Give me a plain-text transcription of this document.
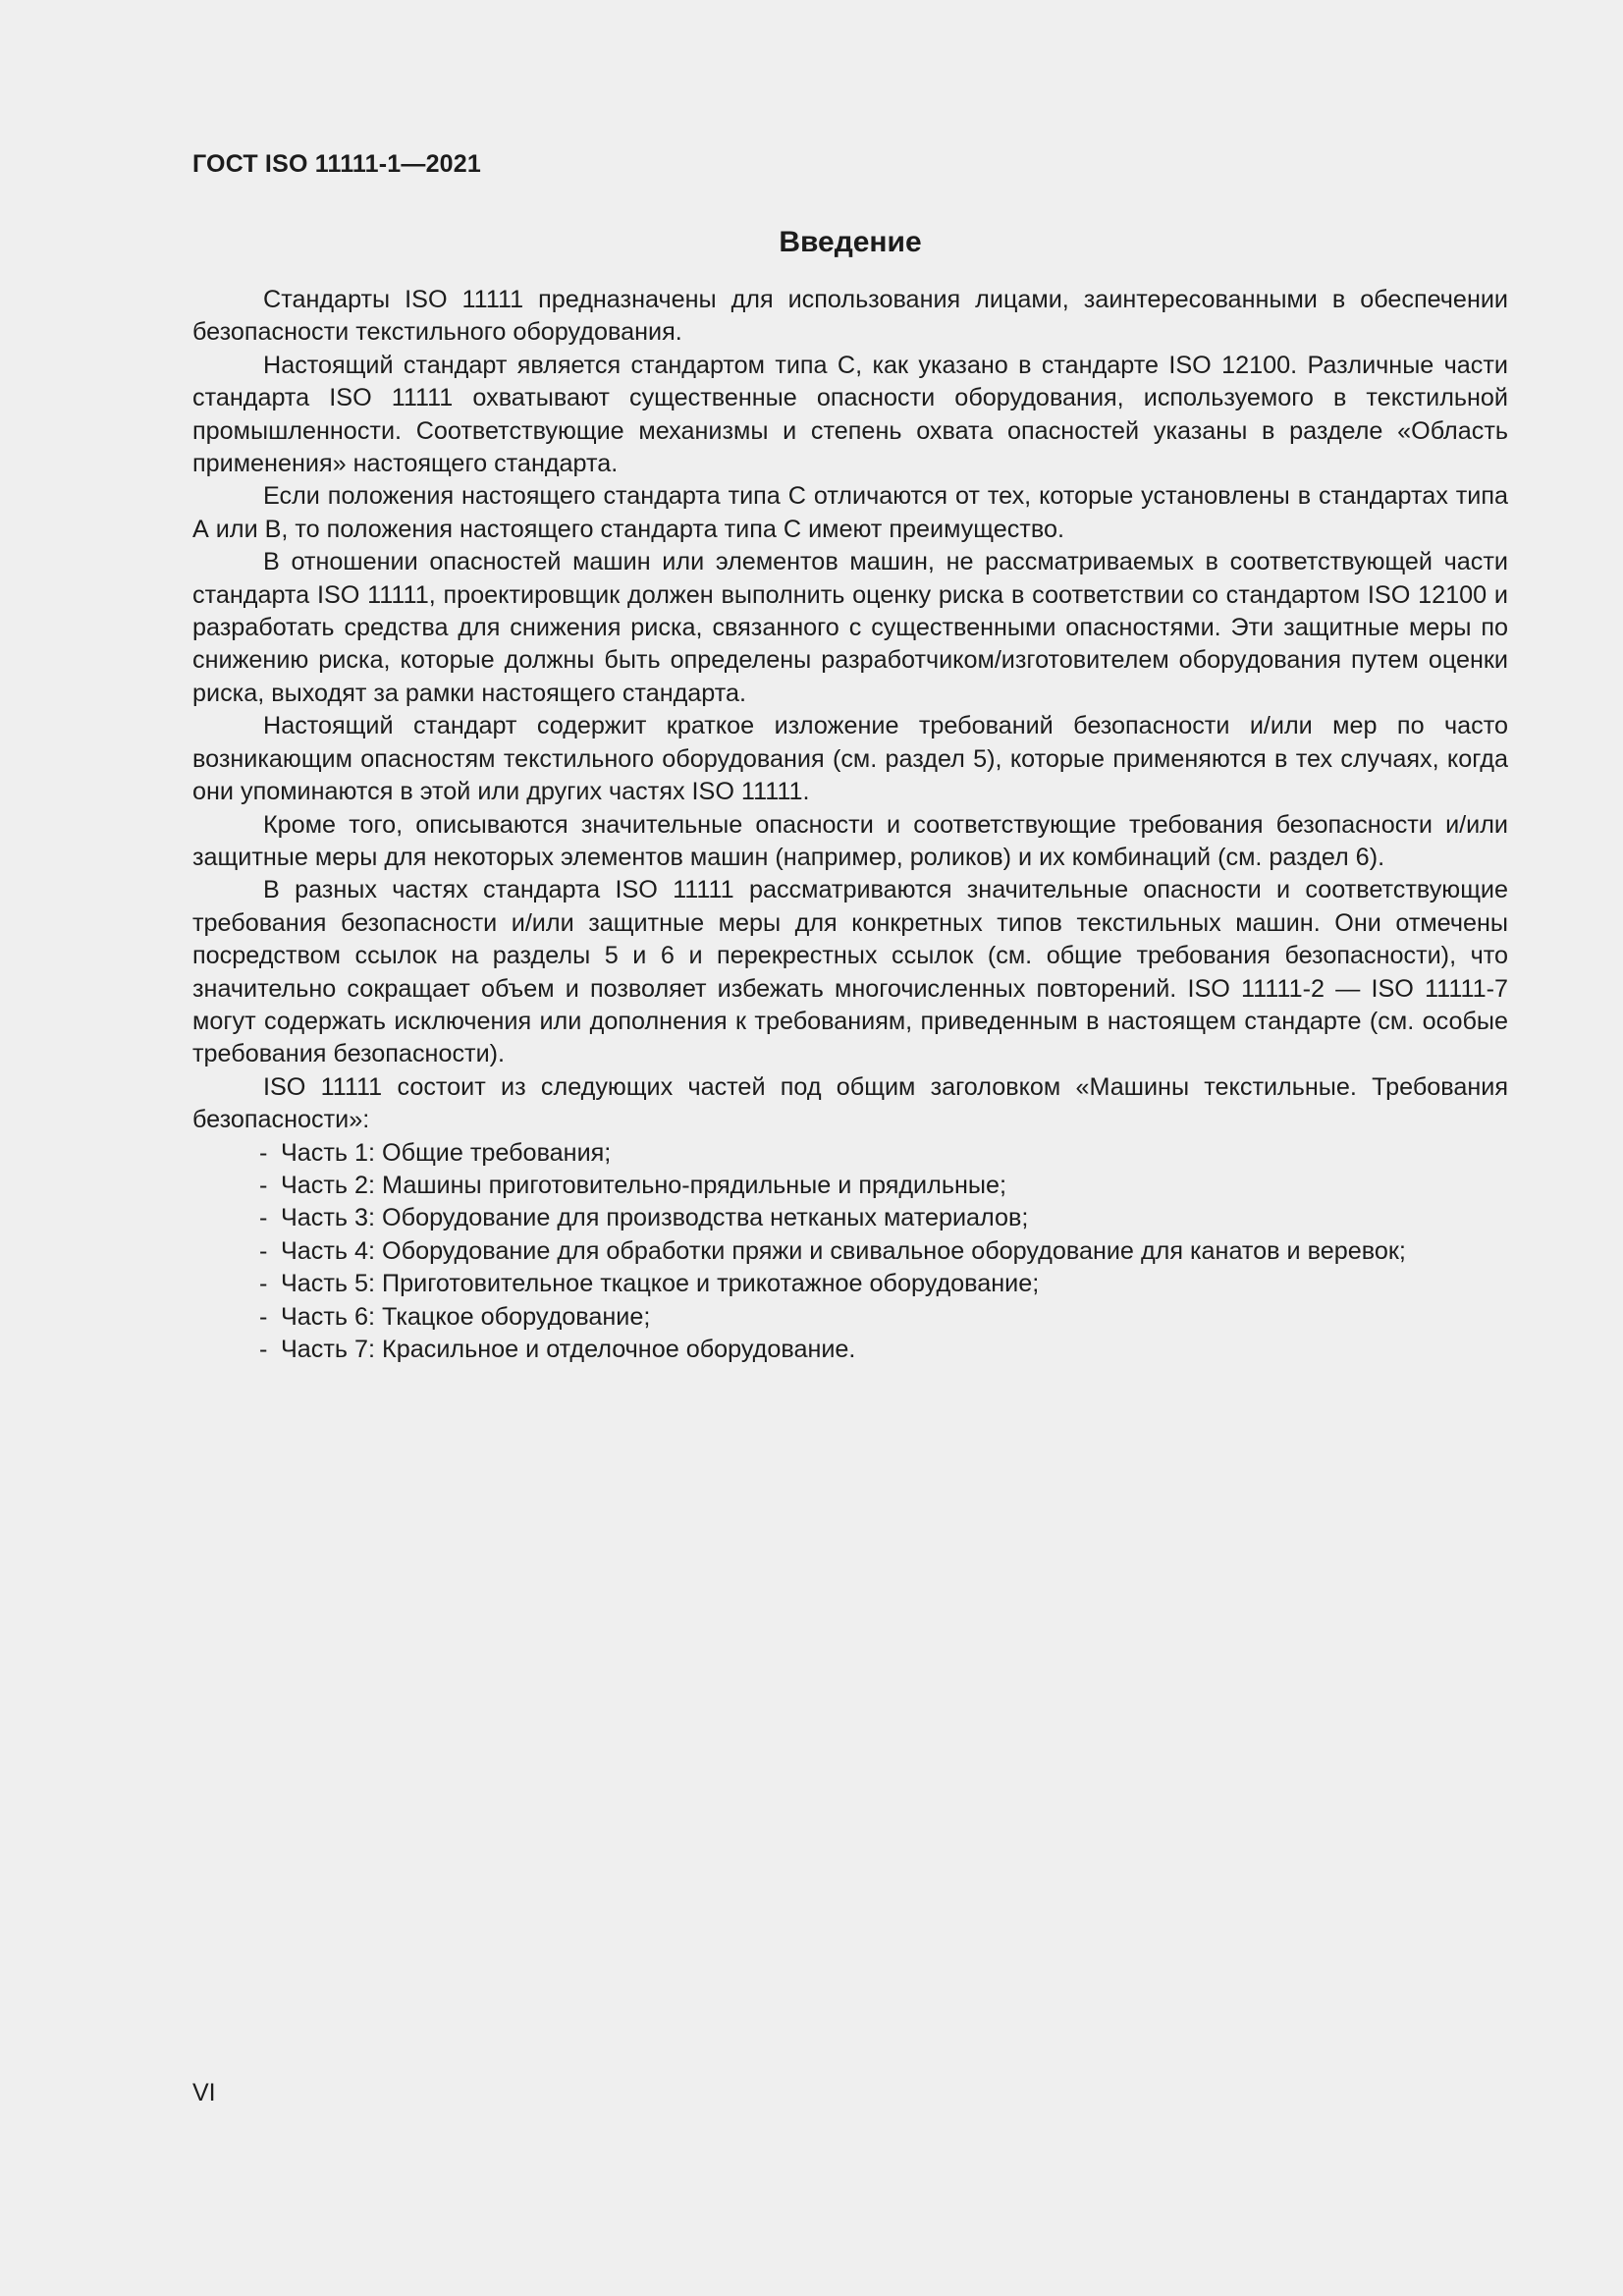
ГОСТ ISO 11111-1—2021
Введение

Стандарты ISO 11111 предназначены для использования лицами, заинтересованными в обеспечении безопасности текстильного оборудования.

Настоящий стандарт является стандартом типа С, как указано в стандарте ISO 12100. Различные части стандарта ISO 11111 охватывают существенные опасности оборудования, используемого в текстильной промышленности. Соответствующие механизмы и степень охвата опасностей указаны в разделе «Область применения» настоящего стандарта.

Если положения настоящего стандарта типа С отличаются от тех, которые установлены в стандартах типа А или В, то положения настоящего стандарта типа С имеют преимущество.

В отношении опасностей машин или элементов машин, не рассматриваемых в соответствующей части стандарта ISO 11111, проектировщик должен выполнить оценку риска в соответствии со стандартом ISO 12100 и разработать средства для снижения риска, связанного с существенными опасностями. Эти защитные меры по снижению риска, которые должны быть определены разработчиком/изготовителем оборудования путем оценки риска, выходят за рамки настоящего стандарта.

Настоящий стандарт содержит краткое изложение требований безопасности и/или мер по часто возникающим опасностям текстильного оборудования (см. раздел 5), которые применяются в тех случаях, когда они упоминаются в этой или других частях ISO 11111.

Кроме того, описываются значительные опасности и соответствующие требования безопасности и/или защитные меры для некоторых элементов машин (например, роликов) и их комбинаций (см. раздел 6).

В разных частях стандарта ISO 11111 рассматриваются значительные опасности и соответствующие требования безопасности и/или защитные меры для конкретных типов текстильных машин. Они отмечены посредством ссылок на разделы 5 и 6 и перекрестных ссылок (см. общие требования безопасности), что значительно сокращает объем и позволяет избежать многочисленных повторений. ISO 11111-2 — ISO 11111-7 могут содержать исключения или дополнения к требованиям, приведенным в настоящем стандарте (см. особые требования безопасности).

ISO 11111 состоит из следующих частей под общим заголовком «Машины текстильные. Требования безопасности»:

- Часть 1: Общие требования;
- Часть 2: Машины приготовительно-прядильные и прядильные;
- Часть 3: Оборудование для производства нетканых материалов;
- Часть 4: Оборудование для обработки пряжи и свивальное оборудование для канатов и веревок;
- Часть 5: Приготовительное ткацкое и трикотажное оборудование;
- Часть 6: Ткацкое оборудование;
- Часть 7: Красильное и отделочное оборудование.
VI
